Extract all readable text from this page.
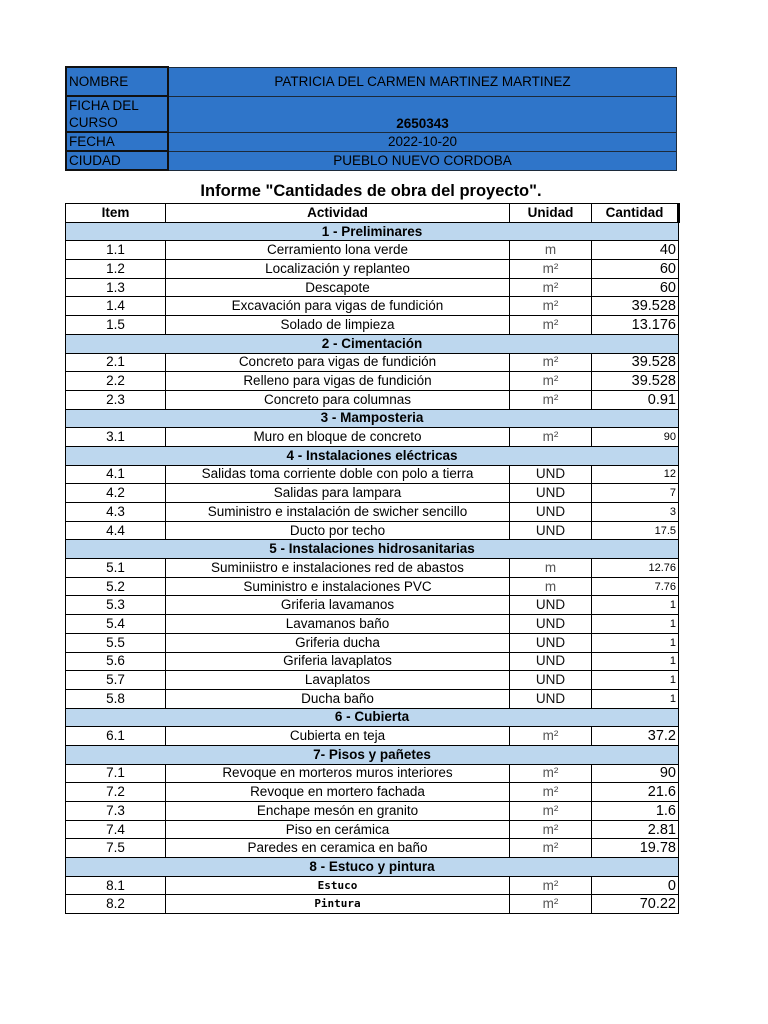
NOMBRE	PATRICIA DEL CARMEN MARTINEZ MARTINEZ
FICHA DEL CURSO	2650343
FECHA	2022-10-20
CIUDAD	PUEBLO NUEVO CORDOBA
Informe "Cantidades de obra del proyecto".
Item	Actividad	Unidad	Cantidad
1 - Preliminares			
1.1	Cerramiento lona verde	m	40
1.2	Localización y replanteo	m²	60
1.3	Descapote	m²	60
1.4	Excavación para vigas de fundición	m²	39.528
1.5	Solado de limpieza	m²	13.176
2 - Cimentación			
2.1	Concreto para vigas de fundición	m²	39.528
2.2	Relleno para vigas de fundición	m²	39.528
2.3	Concreto para columnas	m²	0.91
3 - Mamposteria			
3.1	Muro en bloque de concreto	m²	90
4 - Instalaciones eléctricas			
4.1	Salidas toma corriente doble con polo a tierra	UND	12
4.2	Salidas para lampara	UND	7
4.3	Suministro e instalación de swicher sencillo	UND	3
4.4	Ducto por techo	UND	17.5
5 - Instalaciones hidrosanitarias			
5.1	Suminiistro e instalaciones red de abastos	m	12.76
5.2	Suministro e instalaciones PVC	m	7.76
5.3	Griferia lavamanos	UND	1
5.4	Lavamanos baño	UND	1
5.5	Griferia ducha	UND	1
5.6	Griferia lavaplatos	UND	1
5.7	Lavaplatos	UND	1
5.8	Ducha baño	UND	1
6 - Cubierta			
6.1	Cubierta en teja	m²	37.2
7- Pisos y pañetes			
7.1	Revoque en morteros muros interiores	m²	90
7.2	Revoque en mortero fachada	m²	21.6
7.3	Enchape mesón en granito	m²	1.6
7.4	Piso en cerámica	m²	2.81
7.5	Paredes en ceramica en baño	m²	19.78
8 - Estuco y pintura			
8.1	Estuco	m²	0
8.2	Pintura	m²	70.22
